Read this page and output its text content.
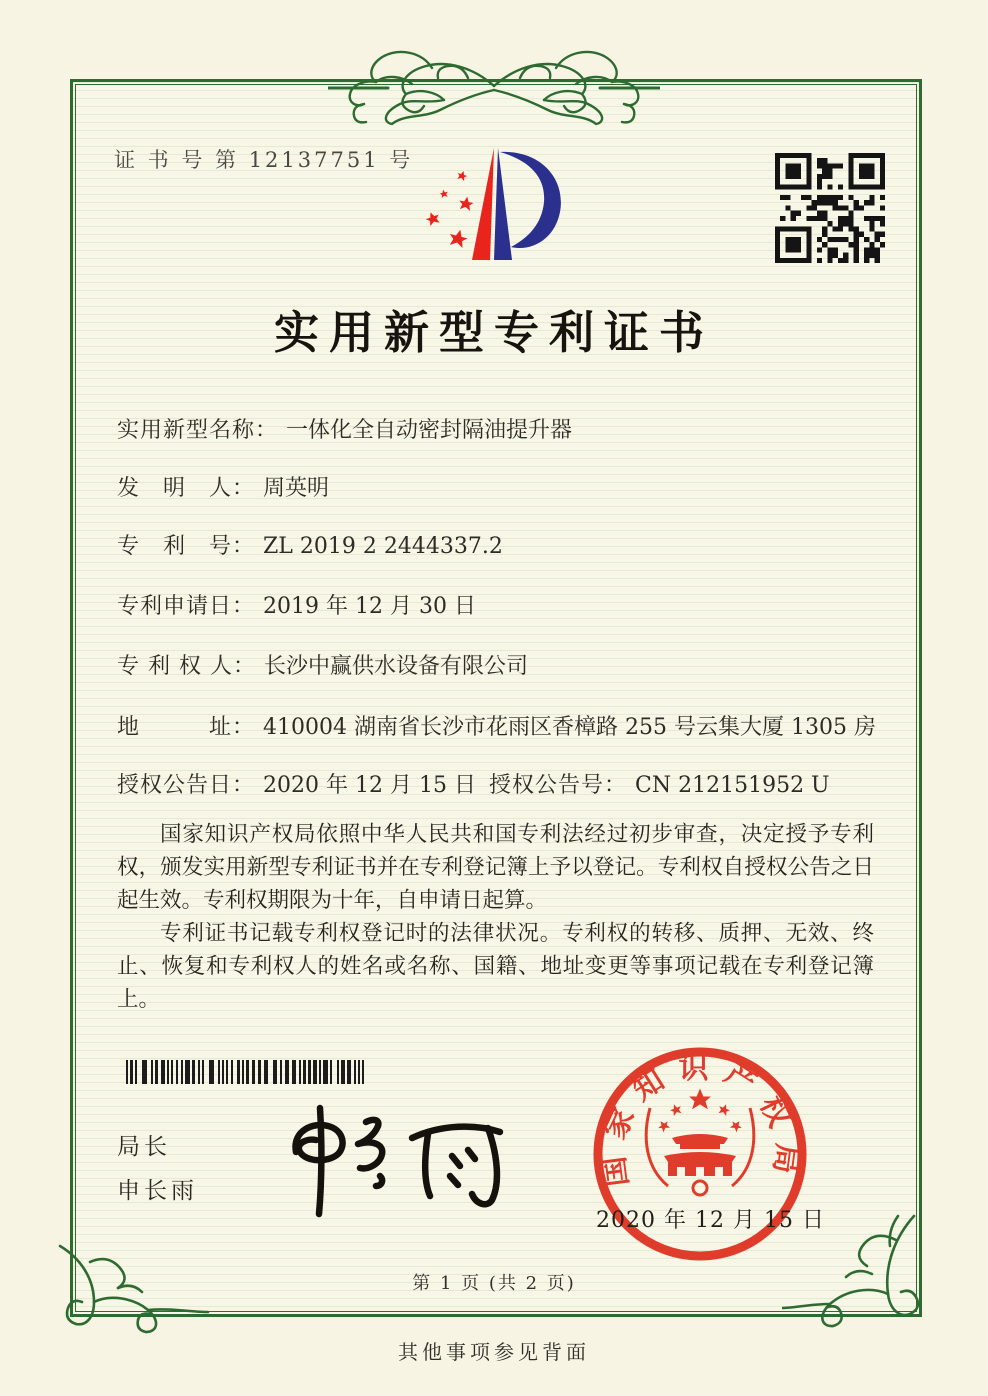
证 书 号 第 12137751 号
实用新型专利证书
实用新型名称： 一体化全自动密封隔油提升器
发　明　人： 周英明
专　利　号： ZL 2019 2 2444337.2
专利申请日： 2019 年 12 月 30 日
专 利 权 人： 长沙中赢供水设备有限公司
地　　　址： 410004 湖南省长沙市花雨区香樟路 255 号云集大厦 1305 房
授权公告日： 2020 年 12 月 15 日 授权公告号： CN 212151952 U

国家知识产权局依照中华人民共和国专利法经过初步审查，决定授予专利权，颁发实用新型专利证书并在专利登记簿上予以登记。专利权自授权公告之日起生效。专利权期限为十年，自申请日起算。

专利证书记载专利权登记时的法律状况。专利权的转移、质押、无效、终止、恢复和专利权人的姓名或名称、国籍、地址变更等事项记载在专利登记簿上。

局长
申长雨
国家知识产权局
2020 年 12 月 15 日
第 1 页 (共 2 页)
其他事项参见背面
